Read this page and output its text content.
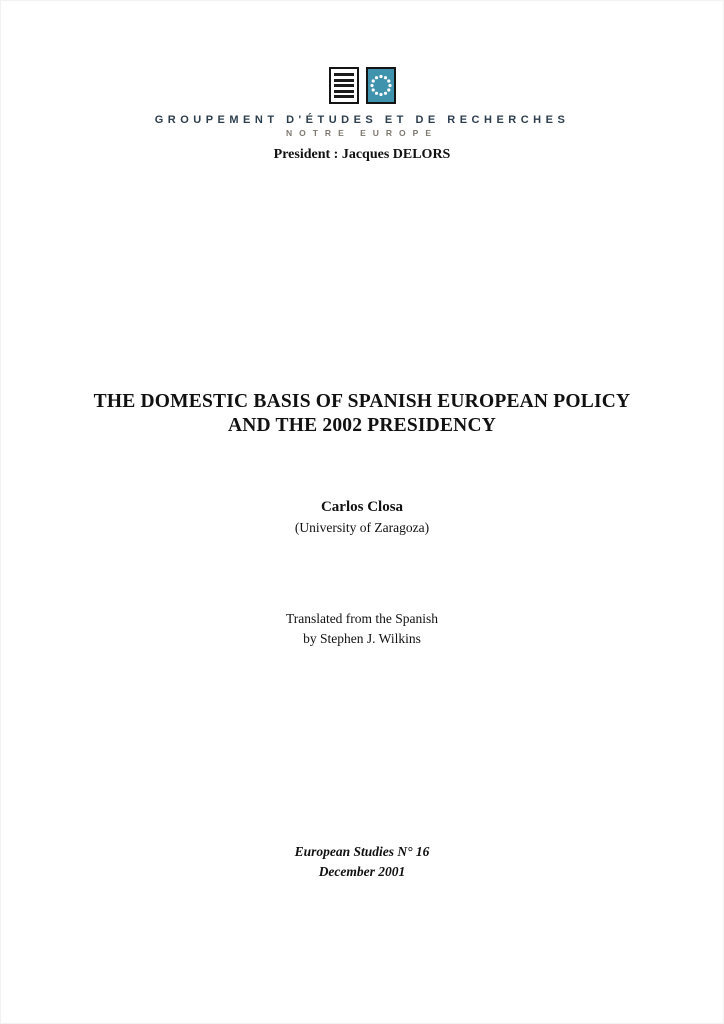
GROUPEMENT D'ÉTUDES ET DE RECHERCHES
NOTRE EUROPE
President : Jacques DELORS
THE DOMESTIC BASIS OF SPANISH EUROPEAN POLICY
AND THE 2002 PRESIDENCY
Carlos Closa
(University of Zaragoza)
Translated from the Spanish
by Stephen J. Wilkins
European Studies N° 16
December 2001
